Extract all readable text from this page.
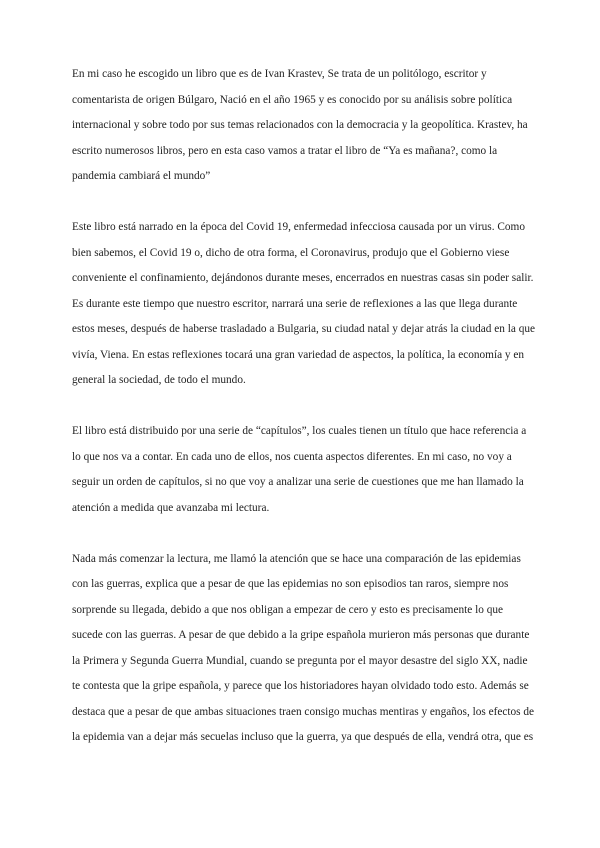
En mi caso he escogido un libro que es de Ivan Krastev, Se trata de un politólogo, escritor y
comentarista de origen Búlgaro, Nació en el año 1965 y es conocido por su análisis sobre política
internacional y sobre todo por sus temas relacionados con la democracia y la geopolítica. Krastev, ha
escrito numerosos libros, pero en esta caso vamos a tratar el libro de “Ya es mañana?, como la
pandemia cambiará el mundo”

Este libro está narrado en la época del Covid 19, enfermedad infecciosa causada por un virus. Como
bien sabemos, el Covid 19 o, dicho de otra forma, el Coronavirus, produjo que el Gobierno viese
conveniente el confinamiento, dejándonos durante meses, encerrados en nuestras casas sin poder salir.
Es durante este tiempo que nuestro escritor, narrará una serie de reflexiones a las que llega durante
estos meses, después de haberse trasladado a Bulgaria, su ciudad natal y dejar atrás la ciudad en la que
vivía, Viena. En estas reflexiones tocará una gran variedad de aspectos, la política, la economía y en
general la sociedad, de todo el mundo.

El libro está distribuido por una serie de “capítulos”, los cuales tienen un título que hace referencia a
lo que nos va a contar. En cada uno de ellos, nos cuenta aspectos diferentes. En mi caso, no voy a
seguir un orden de capítulos, si no que voy a analizar una serie de cuestiones que me han llamado la
atención a medida que avanzaba mi lectura.

Nada más comenzar la lectura, me llamó la atención que se hace una comparación de las epidemias
con las guerras, explica que a pesar de que las epidemias no son episodios tan raros, siempre nos
sorprende su llegada, debido a que nos obligan a empezar de cero y esto es precisamente lo que
sucede con las guerras. A pesar de que debido a la gripe española murieron más personas que durante
la Primera y Segunda Guerra Mundial, cuando se pregunta por el mayor desastre del siglo XX, nadie
te contesta que la gripe española, y parece que los historiadores hayan olvidado todo esto. Además se
destaca que a pesar de que ambas situaciones traen consigo muchas mentiras y engaños, los efectos de
la epidemia van a dejar más secuelas incluso que la guerra, ya que después de ella, vendrá otra, que es
